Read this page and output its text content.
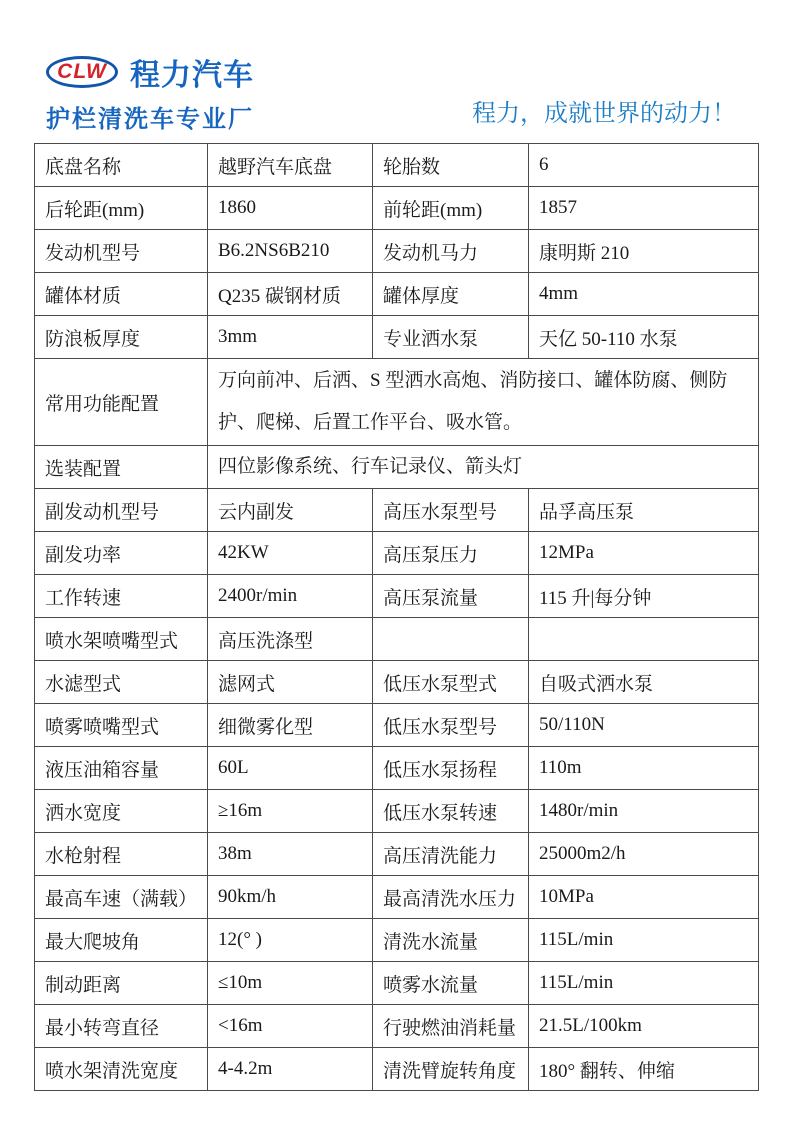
CLW 程力汽车
护栏清洗车专业厂	程力，成就世界的动力！
底盘名称	越野汽车底盘	轮胎数	6
后轮距(mm)	1860	前轮距(mm)	1857
发动机型号	B6.2NS6B210	发动机马力	康明斯 210
罐体材质	Q235 碳钢材质	罐体厚度	4mm
防浪板厚度	3mm	专业洒水泵	天亿 50-110 水泵
常用功能配置	万向前冲、后洒、S 型洒水高炮、消防接口、罐体防腐、侧防护、爬梯、后置工作平台、吸水管。		
选装配置	四位影像系统、行车记录仪、箭头灯		
副发动机型号	云内副发	高压水泵型号	品孚高压泵
副发功率	42KW	高压泵压力	12MPa
工作转速	2400r/min	高压泵流量	115 升|每分钟
喷水架喷嘴型式	高压洗涤型		
水滤型式	滤网式	低压水泵型式	自吸式洒水泵
喷雾喷嘴型式	细微雾化型	低压水泵型号	50/110N
液压油箱容量	60L	低压水泵扬程	110m
洒水宽度	≥16m	低压水泵转速	1480r/min
水枪射程	38m	高压清洗能力	25000m2/h
最高车速（满载）	90km/h	最高清洗水压力	10MPa
最大爬坡角	12(° )	清洗水流量	115L/min
制动距离	≤10m	喷雾水流量	115L/min
最小转弯直径	<16m	行驶燃油消耗量	21.5L/100km
喷水架清洗宽度	4-4.2m	清洗臂旋转角度	180° 翻转、伸缩
